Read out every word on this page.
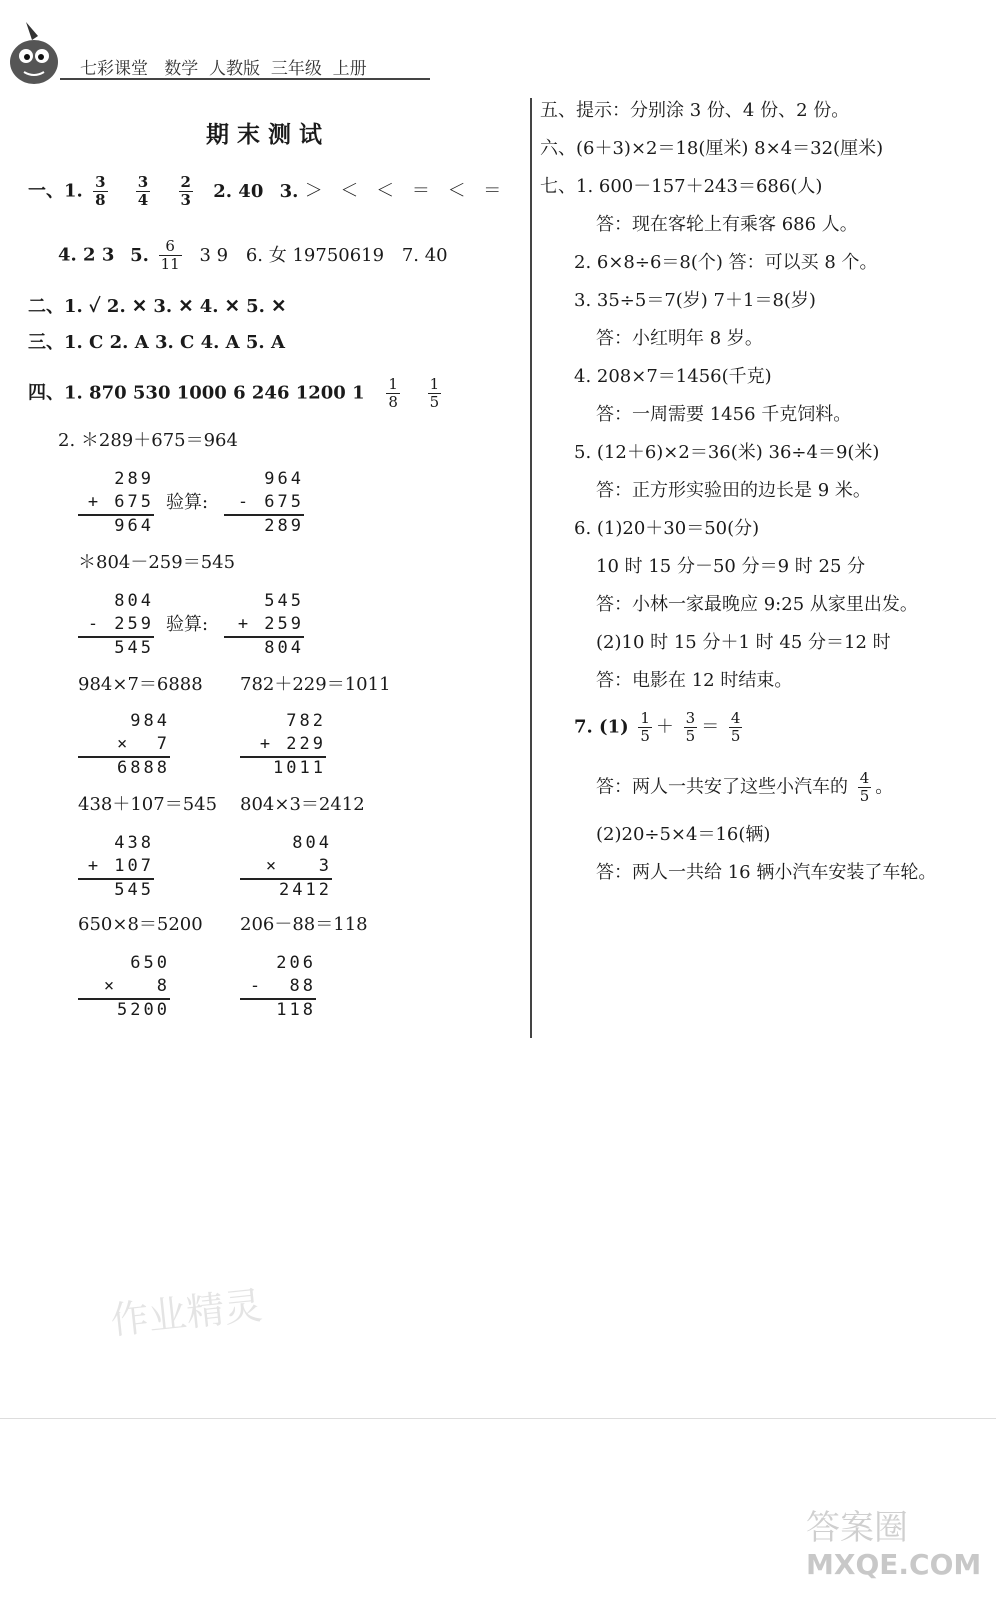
七彩课堂 数学 人教版 三年级 上册
期 末 测 试
一、1. $\frac{3}{8}$
$\frac{3}{4}$
$\frac{2}{3} 2$. 40 3. ＞ ＜ ＜ ＝ ＜ ＝
4. 2 3 5. $\frac{6}{11} 3$ 9 6. 女 19750619 7. 40
二、1. ✓ 2. ✕ 3. ✕ 4. ✕ 5. ✕
三、1. C 2. A 3. C 4. A 5. A
四、1. 870 530 1000 6 246 1200 $1 \frac{1}{8}$
$\frac{1}{5}$
2. ＊289＋675＝964
289
+ 675
964
验算:
964
- 675
289
＊804－259＝545
804
- 259
545
验算:
545
+ 259
804
984×7＝6888 782＋229＝1011
984
×  7
6888
782
+ 229
1011
438＋107＝545 804×3＝2412
438
+ 107
545
804
×   3
2412
650×8＝5200 206－88＝118
650
×   8
5200
206
-  88
118
五、提示：分别涂 3 份、4 份、2 份。
六、(6＋3)×2＝18(厘米) 8×4＝32(厘米)
七、1. 600－157＋243＝686(人)
答：现在客轮上有乘客 686 人。
2. 6×8÷6＝8(个) 答：可以买 8 个。
3. 35÷5＝7(岁) 7＋1＝8(岁)
答：小红明年 8 岁。
4. 208×7＝1456(千克)
答：一周需要 1456 千克饲料。
5. (12＋6)×2＝36(米) 36÷4＝9(米)
答：正方形实验田的边长是 9 米。
6. (1)20＋30＝50(分)
10 时 15 分－50 分＝9 时 25 分
答：小林一家最晚应 9:25 从家里出发。
(2)10 时 15 分＋1 时 45 分＝12 时
答：电影在 12 时结束。
7. $(1) \frac{1}{5} + \frac{3}{5} = \frac{4}{5}$
答：两人一共安了这些小汽车的 $\frac{4}{5}$ 。
(2)20÷5×4＝16(辆)
答：两人一共给 16 辆小汽车安装了车轮。
作业精灵
答案圈
MXQE.COM
